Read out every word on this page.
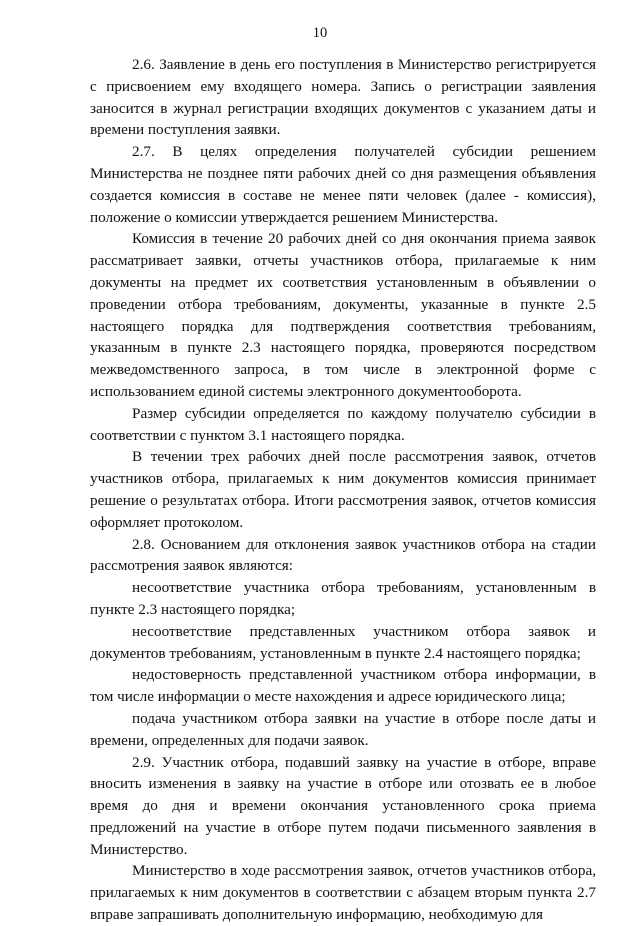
10

2.6. Заявление в день его поступления в Министерство регистрируется с присвоением ему входящего номера. Запись о регистрации заявления заносится в журнал регистрации входящих документов с указанием даты и времени поступления заявки.

2.7. В целях определения получателей субсидии решением Министерства не позднее пяти рабочих дней со дня размещения объявления создается комиссия в составе не менее пяти человек (далее - комиссия), положение о комиссии утверждается решением Министерства.

Комиссия в течение 20 рабочих дней со дня окончания приема заявок рассматривает заявки, отчеты участников отбора, прилагаемые к ним документы на предмет их соответствия установленным в объявлении о проведении отбора требованиям, документы, указанные в пункте 2.5 настоящего порядка для подтверждения соответствия требованиям, указанным в пункте 2.3 настоящего порядка, проверяются посредством межведомственного запроса, в том числе в электронной форме с использованием единой системы электронного документооборота.

Размер субсидии определяется по каждому получателю субсидии в соответствии с пунктом 3.1 настоящего порядка.

В течении трех рабочих дней после рассмотрения заявок, отчетов участников отбора, прилагаемых к ним документов комиссия принимает решение о результатах отбора. Итоги рассмотрения заявок, отчетов комиссия оформляет протоколом.

2.8. Основанием для отклонения заявок участников отбора на стадии рассмотрения заявок являются:

несоответствие участника отбора требованиям, установленным в пункте 2.3 настоящего порядка;

несоответствие представленных участником отбора заявок и документов требованиям, установленным в пункте 2.4 настоящего порядка;

недостоверность представленной участником отбора информации, в том числе информации о месте нахождения и адресе юридического лица;

подача участником отбора заявки на участие в отборе после даты и времени, определенных для подачи заявок.

2.9. Участник отбора, подавший заявку на участие в отборе, вправе вносить изменения в заявку на участие в отборе или отозвать ее в любое время до дня и времени окончания установленного срока приема предложений на участие в отборе путем подачи письменного заявления в Министерство.

Министерство в ходе рассмотрения заявок, отчетов участников отбора, прилагаемых к ним документов в соответствии с абзацем вторым пункта 2.7 вправе запрашивать дополнительную информацию, необходимую для
